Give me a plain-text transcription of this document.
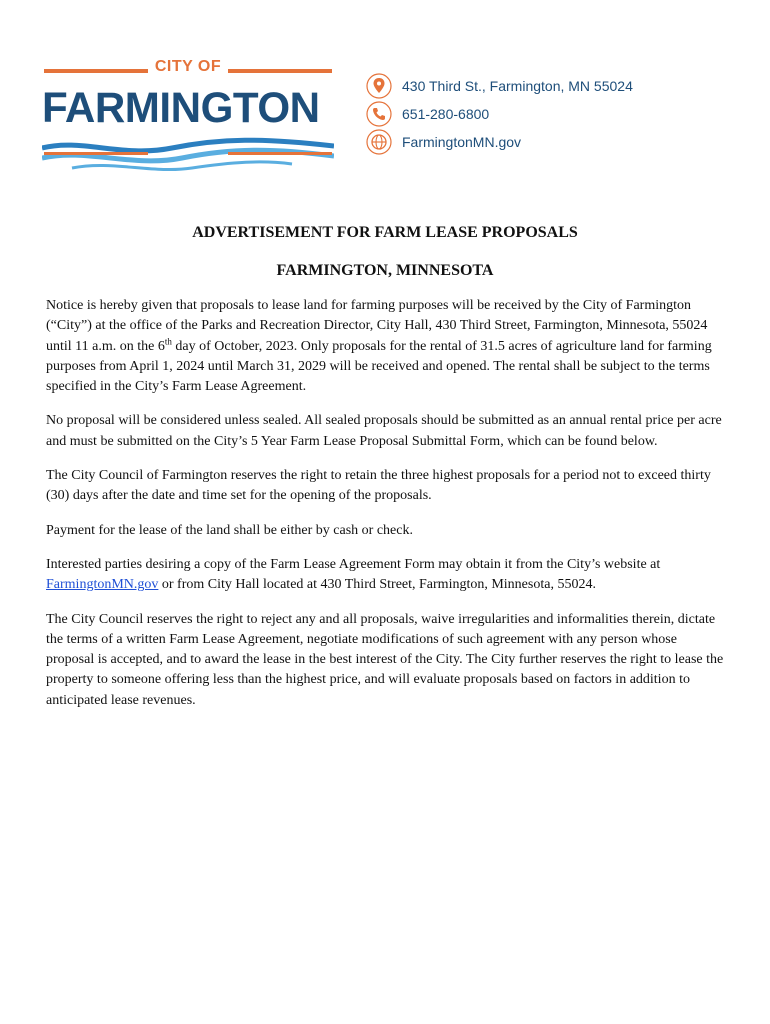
CITY OF
FARMINGTON	430 Third St., Farmington, MN 55024
651-280-6800
FarmingtonMN.gov
ADVERTISEMENT FOR FARM LEASE PROPOSALS
FARMINGTON, MINNESOTA

Notice is hereby given that proposals to lease land for farming purposes will be received by the City of Farmington (“City”) at the office of the Parks and Recreation Director, City Hall, 430 Third Street, Farmington, Minnesota, 55024 until 11 a.m. on the 6th day of October, 2023. Only proposals for the rental of 31.5 acres of agriculture land for farming purposes from April 1, 2024 until March 31, 2029 will be received and opened. The rental shall be subject to the terms specified in the City’s Farm Lease Agreement.

No proposal will be considered unless sealed. All sealed proposals should be submitted as an annual rental price per acre and must be submitted on the City’s 5 Year Farm Lease Proposal Submittal Form, which can be found below.

The City Council of Farmington reserves the right to retain the three highest proposals for a period not to exceed thirty (30) days after the date and time set for the opening of the proposals.

Payment for the lease of the land shall be either by cash or check.

Interested parties desiring a copy of the Farm Lease Agreement Form may obtain it from the City’s website at FarmingtonMN.gov or from City Hall located at 430 Third Street, Farmington, Minnesota, 55024.

The City Council reserves the right to reject any and all proposals, waive irregularities and informalities therein, dictate the terms of a written Farm Lease Agreement, negotiate modifications of such agreement with any person whose proposal is accepted, and to award the lease in the best interest of the City. The City further reserves the right to lease the property to someone offering less than the highest price, and will evaluate proposals based on factors in addition to anticipated lease revenues.
